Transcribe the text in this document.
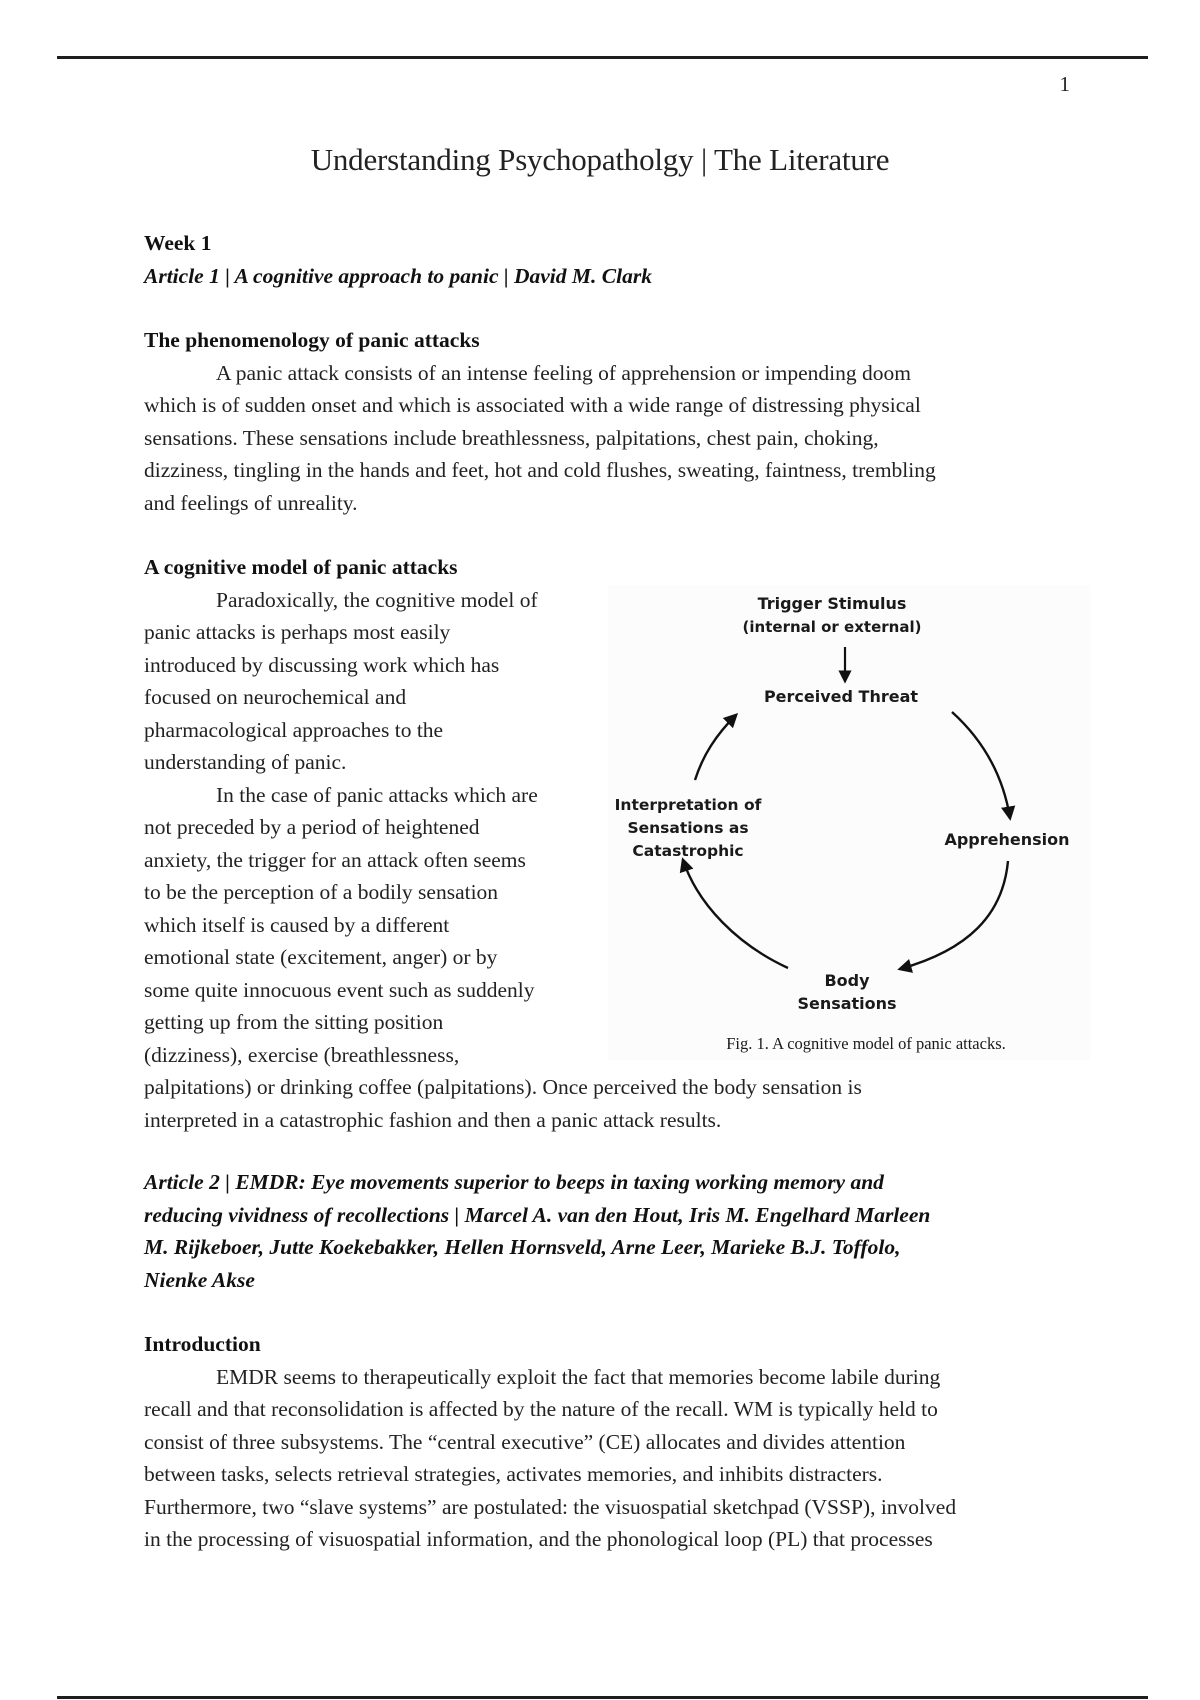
1
Understanding Psychopatholgy | The Literature
Week 1
Article 1 | A cognitive approach to panic | David M. Clark
The phenomenology of panic attacks
A panic attack consists of an intense feeling of apprehension or impending doom
which is of sudden onset and which is associated with a wide range of distressing physical
sensations. These sensations include breathlessness, palpitations, chest pain, choking,
dizziness, tingling in the hands and feet, hot and cold flushes, sweating, faintness, trembling
and feelings of unreality.
A cognitive model of panic attacks
Paradoxically, the cognitive model of
panic attacks is perhaps most easily
introduced by discussing work which has
focused on neurochemical and
pharmacological approaches to the
understanding of panic.
In the case of panic attacks which are
not preceded by a period of heightened
anxiety, the trigger for an attack often seems
to be the perception of a bodily sensation
which itself is caused by a different
emotional state (excitement, anger) or by
some quite innocuous event such as suddenly
getting up from the sitting position
(dizziness), exercise (breathlessness,
palpitations) or drinking coffee (palpitations). Once perceived the body sensation is
interpreted in a catastrophic fashion and then a panic attack results.
Trigger Stimulus
(internal or external)
Perceived Threat
Apprehension
Body
Sensations
Interpretation of
Sensations as
Catastrophic
Fig. 1. A cognitive model of panic attacks.
Article 2 | EMDR: Eye movements superior to beeps in taxing working memory and
reducing vividness of recollections | Marcel A. van den Hout, Iris M. Engelhard Marleen
M. Rijkeboer, Jutte Koekebakker, Hellen Hornsveld, Arne Leer, Marieke B.J. Toffolo,
Nienke Akse
Introduction
EMDR seems to therapeutically exploit the fact that memories become labile during
recall and that reconsolidation is affected by the nature of the recall. WM is typically held to
consist of three subsystems. The “central executive” (CE) allocates and divides attention
between tasks, selects retrieval strategies, activates memories, and inhibits distracters.
Furthermore, two “slave systems” are postulated: the visuospatial sketchpad (VSSP), involved
in the processing of visuospatial information, and the phonological loop (PL) that processes
